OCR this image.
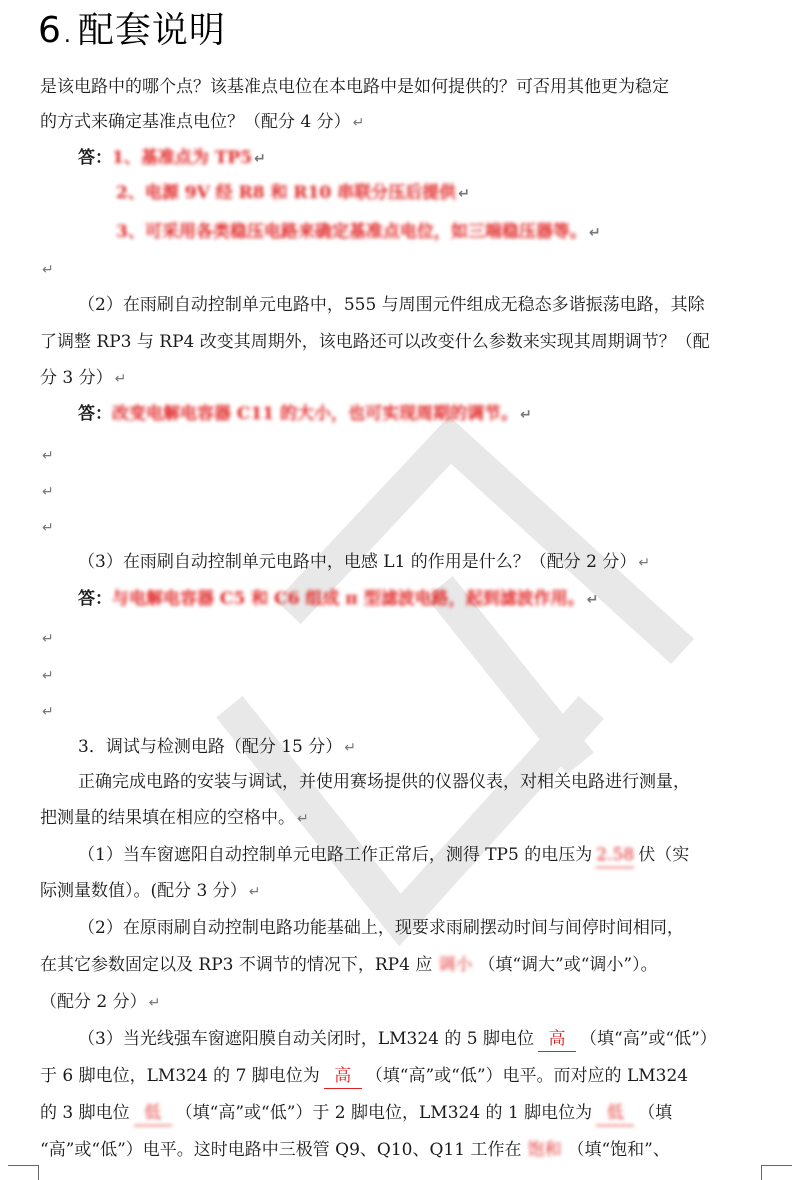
6. 配套说明
是该电路中的哪个点？该基准点电位在本电路中是如何提供的？可否用其他更为稳定
的方式来确定基准点电位？（配分 4 分） ↵
答：1、基准点为 TP5 ↵
2、电源 9V 经 R8 和 R10 串联分压后提供 ↵
3、可采用各类稳压电路来确定基准点电位，如三端稳压器等。 ↵
↵
（2）在雨刷自动控制单元电路中，555 与周围元件组成无稳态多谐振荡电路，其除
了调整 RP3 与 RP4 改变其周期外，该电路还可以改变什么参数来实现其周期调节？（配
分 3 分） ↵
答：改变电解电容器 C11 的大小，也可实现周期的调节。 ↵
↵
↵
↵
（3）在雨刷自动控制单元电路中，电感 L1 的作用是什么？（配分 2 分） ↵
答：与电解电容器 C5 和 C6 组成 π 型滤波电路，起到滤波作用。 ↵
↵
↵
↵
3．调试与检测电路（配分 15 分） ↵
正确完成电路的安装与调试，并使用赛场提供的仪器仪表，对相关电路进行测量，
把测量的结果填在相应的空格中。 ↵
（1）当车窗遮阳自动控制单元电路工作正常后，测得 TP5 的电压为 2.58 伏（实
际测量数值）。(配分 3 分） ↵
（2）在原雨刷自动控制电路功能基础上，现要求雨刷摆动时间与间停时间相同，
在其它参数固定以及 RP3 不调节的情况下，RP4 应 调小 （填“调大”或“调小”）。
（配分 2 分） ↵
（3）当光线强车窗遮阳膜自动关闭时，LM324 的 5 脚电位 高 （填“高”或“低”）
于 6 脚电位，LM324 的 7 脚电位为 高 （填“高”或“低”）电平。而对应的 LM324
的 3 脚电位 低 （填“高”或“低”）于 2 脚电位，LM324 的 1 脚电位为 低 （填
“高”或“低”）电平。这时电路中三极管 Q9、Q10、Q11 工作在 饱和 （填“饱和”、
